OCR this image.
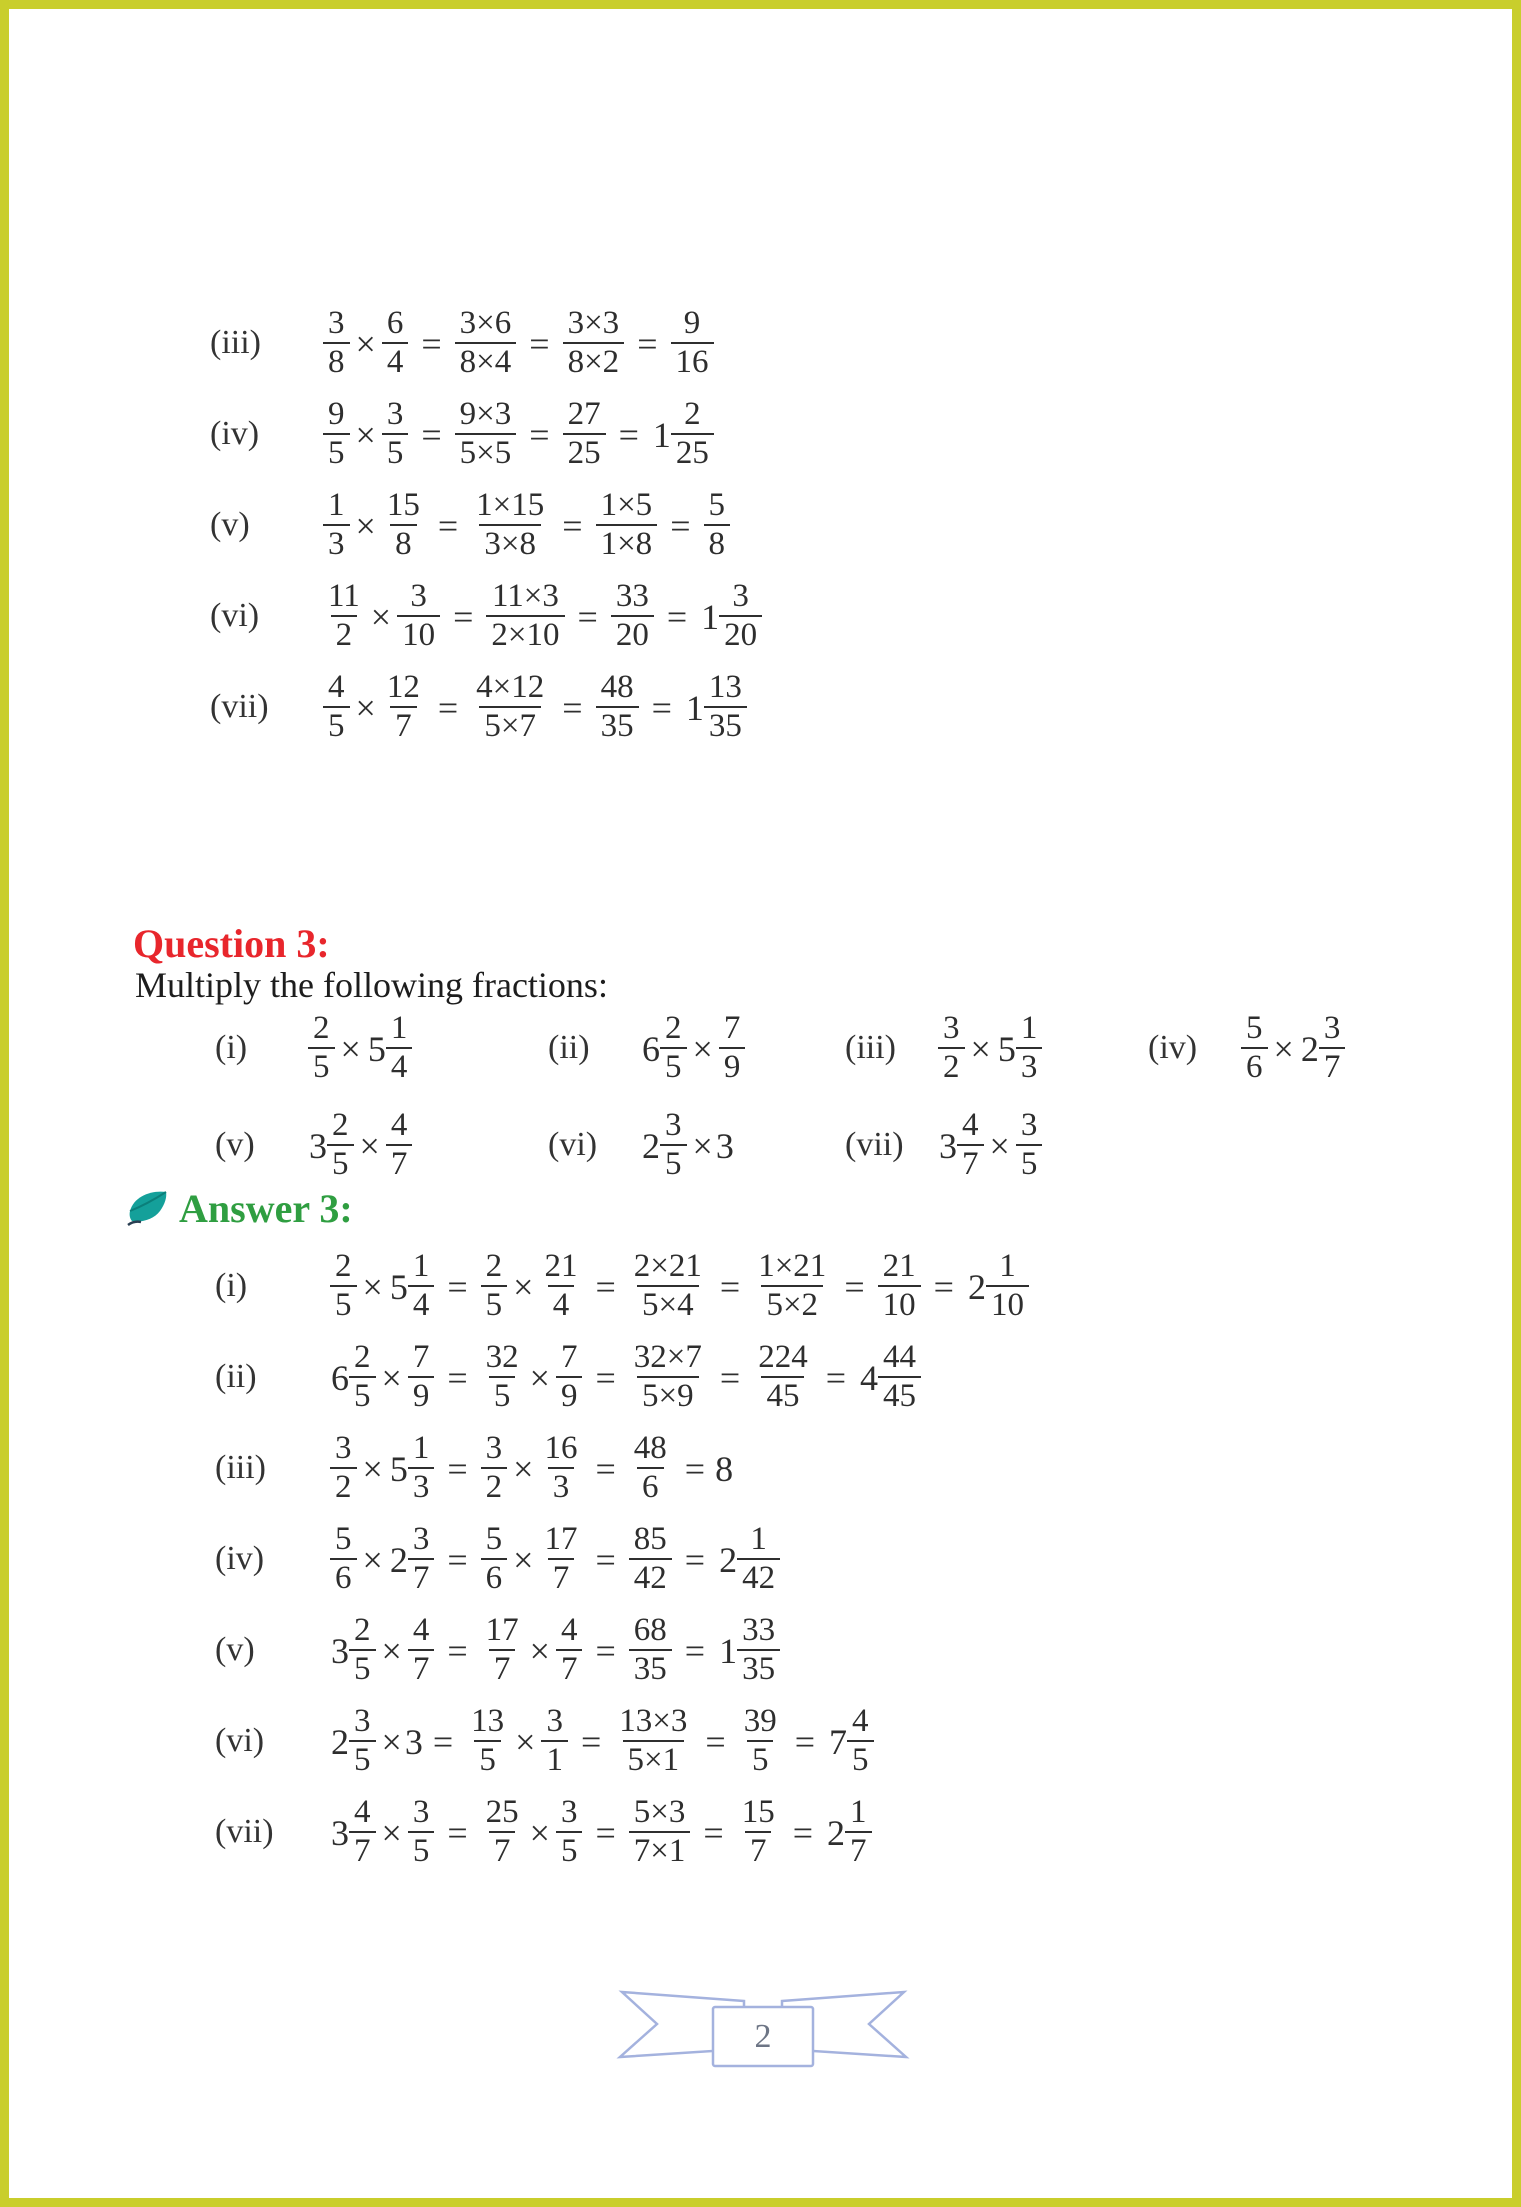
(iii)	$\frac{3}{8} \times \frac{6}{4} = \frac{3\times 6}{8\times 4} = \frac{3\times 3}{8\times 2} = \frac{9}{16}$
(iv)	$\frac{9}{5} \times \frac{3}{5} = \frac{9\times 3}{5\times 5} = \frac{27}{25} = 1 \frac{2}{25}$
(v)	$\frac{1}{3} \times \frac{15}{8} = \frac{1\times 15}{3\times 8} = \frac{1\times 5}{1\times 8} = \frac{5}{8}$
(vi)	$\frac{11}{2} \times \frac{3}{10} = \frac{11\times 3}{2\times 10} = \frac{33}{20} = 1 \frac{3}{20}$
(vii)	$\frac{4}{5} \times \frac{12}{7} = \frac{4\times 12}{5\times 7} = \frac{48}{35} = 1 \frac{13}{35}$
Question 3:

Multiply the following fractions:

(i)	$\frac{2}{5} \times 5 \frac{1}{4}$	(ii)	$6 \frac{2}{5} \times \frac{7}{9}$	(iii)	$\frac{3}{2} \times 5 \frac{1}{3}$	(iv)	$\frac{5}{6} \times 2 \frac{3}{7}$
(v)	$3 \frac{2}{5} \times \frac{4}{7}$	(vi)	$2 \frac{3}{5} \times 3$	(vii) $3 \frac{4}{7} \times \frac{3}{5}$
Answer 3:
(i)	$\frac{2}{5} \times 5 \frac{1}{4} = \frac{2}{5} \times \frac{21}{4} = \frac{2\times 21}{5\times 4} = \frac{1\times 21}{5\times 2} = \frac{21}{10} = 2 \frac{1}{10}$
(ii)	$6 \frac{2}{5} \times \frac{7}{9} = \frac{32}{5} \times \frac{7}{9} = \frac{32\times 7}{5\times 9} = \frac{224}{45} = 4 \frac{44}{45}$
(iii)	$\frac{3}{2} \times 5 \frac{1}{3} = \frac{3}{2} \times \frac{16}{3} = \frac{48}{6} = 8$
(iv)	$\frac{5}{6} \times 2 \frac{3}{7} = \frac{5}{6} \times \frac{17}{7} = \frac{85}{42} = 2 \frac{1}{42}$
(v)	$3 \frac{2}{5} \times \frac{4}{7} = \frac{17}{7} \times \frac{4}{7} = \frac{68}{35} = 1 \frac{33}{35}$
(vi)	$2 \frac{3}{5} \times 3 = \frac{13}{5} \times \frac{3}{1} = \frac{13\times 3}{5\times 1} = \frac{39}{5} = 7 \frac{4}{5}$
(vii)	$3 \frac{4}{7} \times \frac{3}{5} = \frac{25}{7} \times \frac{3}{5} = \frac{5\times 3}{7\times 1} = \frac{15}{7} = 2 \frac{1}{7}$
2
